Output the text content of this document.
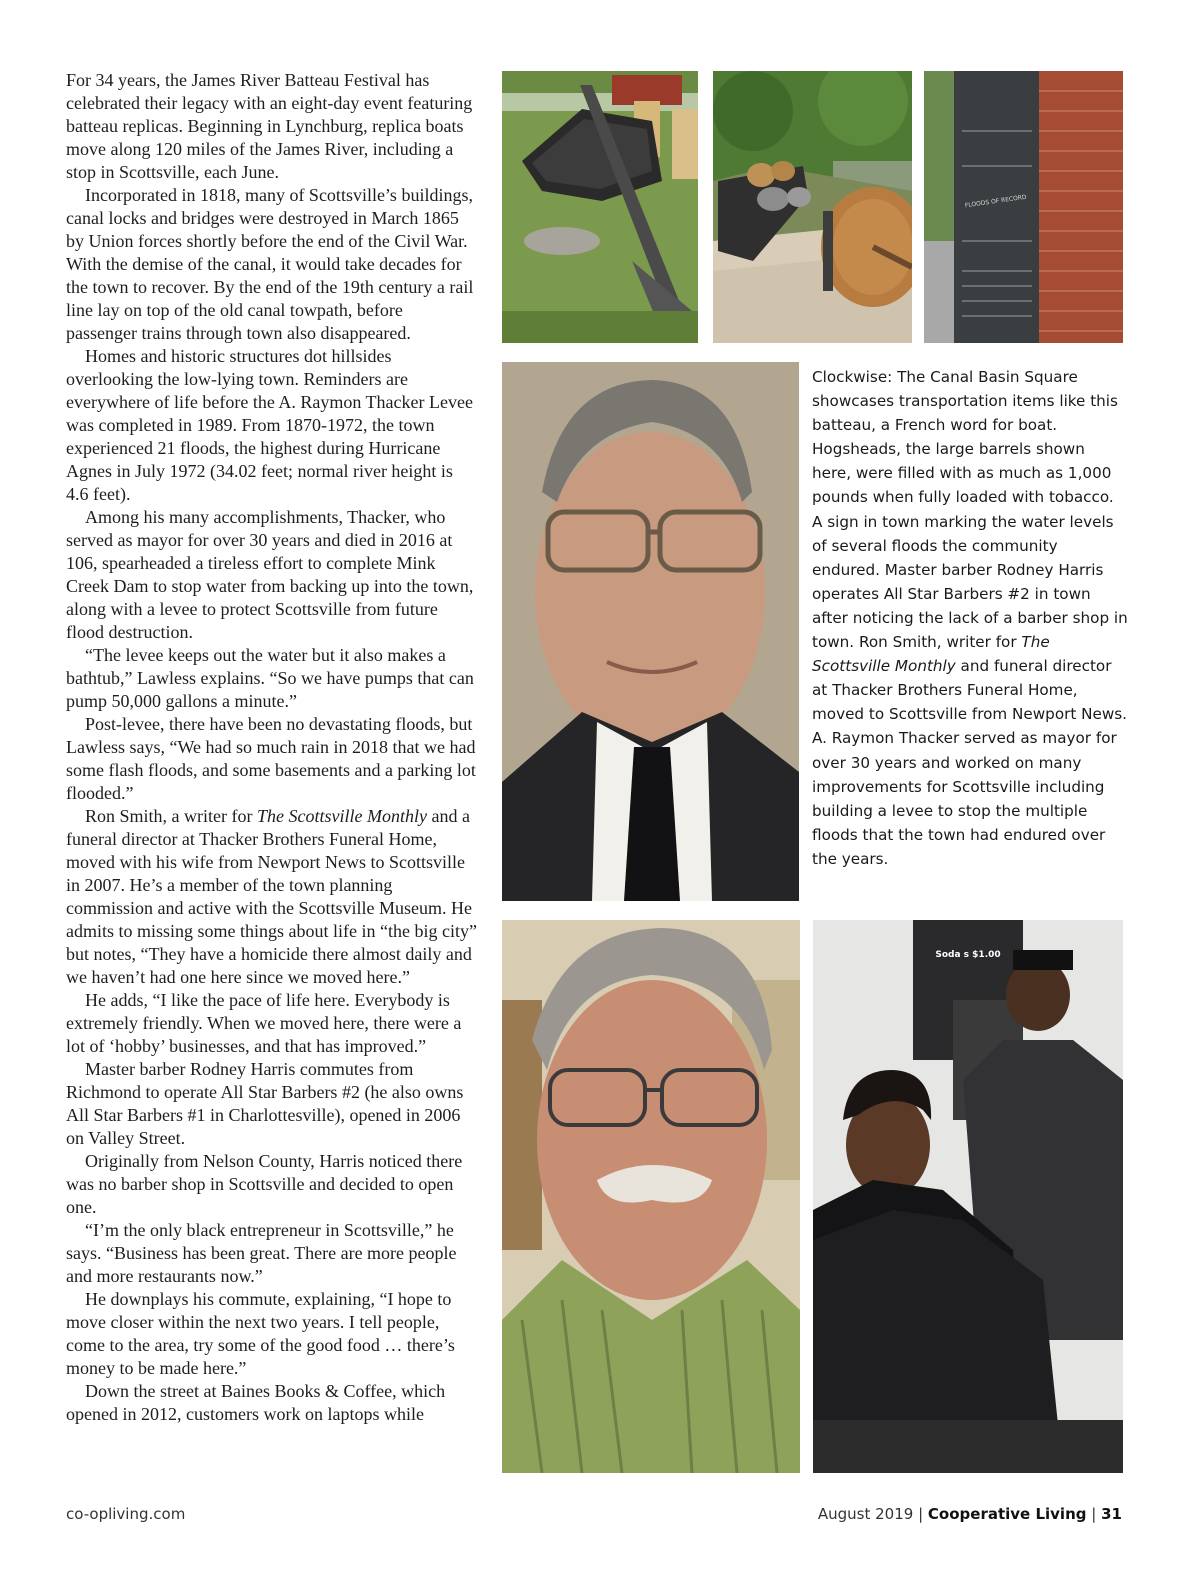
For 34 years, the James River Batteau Festival has celebrated their legacy with an eight-day event featuring batteau replicas. Beginning in Lynchburg, replica boats move along 120 miles of the James River, including a stop in Scottsville, each June.

Incorporated in 1818, many of Scottsville’s buildings, canal locks and bridges were destroyed in March 1865 by Union forces shortly before the end of the Civil War. With the demise of the canal, it would take decades for the town to recover. By the end of the 19th century a rail line lay on top of the old canal towpath, before passenger trains through town also disappeared.

Homes and historic structures dot hillsides overlooking the low-lying town. Reminders are everywhere of life before the A. Raymon Thacker Levee was completed in 1989. From 1870-1972, the town experienced 21 floods, the highest during Hurricane Agnes in July 1972 (34.02 feet; normal river height is 4.6 feet).

Among his many accomplishments, Thacker, who served as mayor for over 30 years and died in 2016 at 106, spearheaded a tireless effort to complete Mink Creek Dam to stop water from backing up into the town, along with a levee to protect Scottsville from future flood destruction.

“The levee keeps out the water but it also makes a bathtub,” Lawless explains. “So we have pumps that can pump 50,000 gallons a minute.”

Post-levee, there have been no devastating floods, but Lawless says, “We had so much rain in 2018 that we had some flash floods, and some basements and a parking lot flooded.”

Ron Smith, a writer for The Scottsville Monthly and a funeral director at Thacker Brothers Funeral Home, moved with his wife from Newport News to Scottsville in 2007. He’s a member of the town planning commission and active with the Scottsville Museum. He admits to missing some things about life in “the big city” but notes, “They have a homicide there almost daily and we haven’t had one here since we moved here.”

He adds, “I like the pace of life here. Everybody is extremely friendly. When we moved here, there were a lot of ‘hobby’ businesses, and that has improved.”

Master barber Rodney Harris commutes from Richmond to operate All Star Barbers #2 (he also owns All Star Barbers #1 in Charlottesville), opened in 2006 on Valley Street.

Originally from Nelson County, Harris noticed there was no barber shop in Scottsville and decided to open one.

“I’m the only black entrepreneur in Scottsville,” he says. “Business has been great. There are more people and more restaurants now.”

He downplays his commute, explaining, “I hope to move closer within the next two years. I tell people, come to the area, try some of the good food … there’s money to be made here.”

Down the street at Baines Books & Coffee, which opened in 2012, customers work on laptops while

FLOODS OF RECORD
Clockwise: The Canal Basin Square showcases transportation items like this batteau, a French word for boat. Hogsheads, the large barrels shown here, were filled with as much as 1,000 pounds when fully loaded with tobacco. A sign in town marking the water levels of several floods the community endured. Master barber Rodney Harris operates All Star Barbers #2 in town after noticing the lack of a barber shop in town. Ron Smith, writer for The Scottsville Monthly and funeral director at Thacker Brothers Funeral Home, moved to Scottsville from Newport News. A. Raymon Thacker served as mayor for over 30 years and worked on many improvements for Scottsville including building a levee to stop the multiple floods that the town had endured over the years.
Soda s $1.00
co-opliving.com	August 2019 | Cooperative Living | 31
